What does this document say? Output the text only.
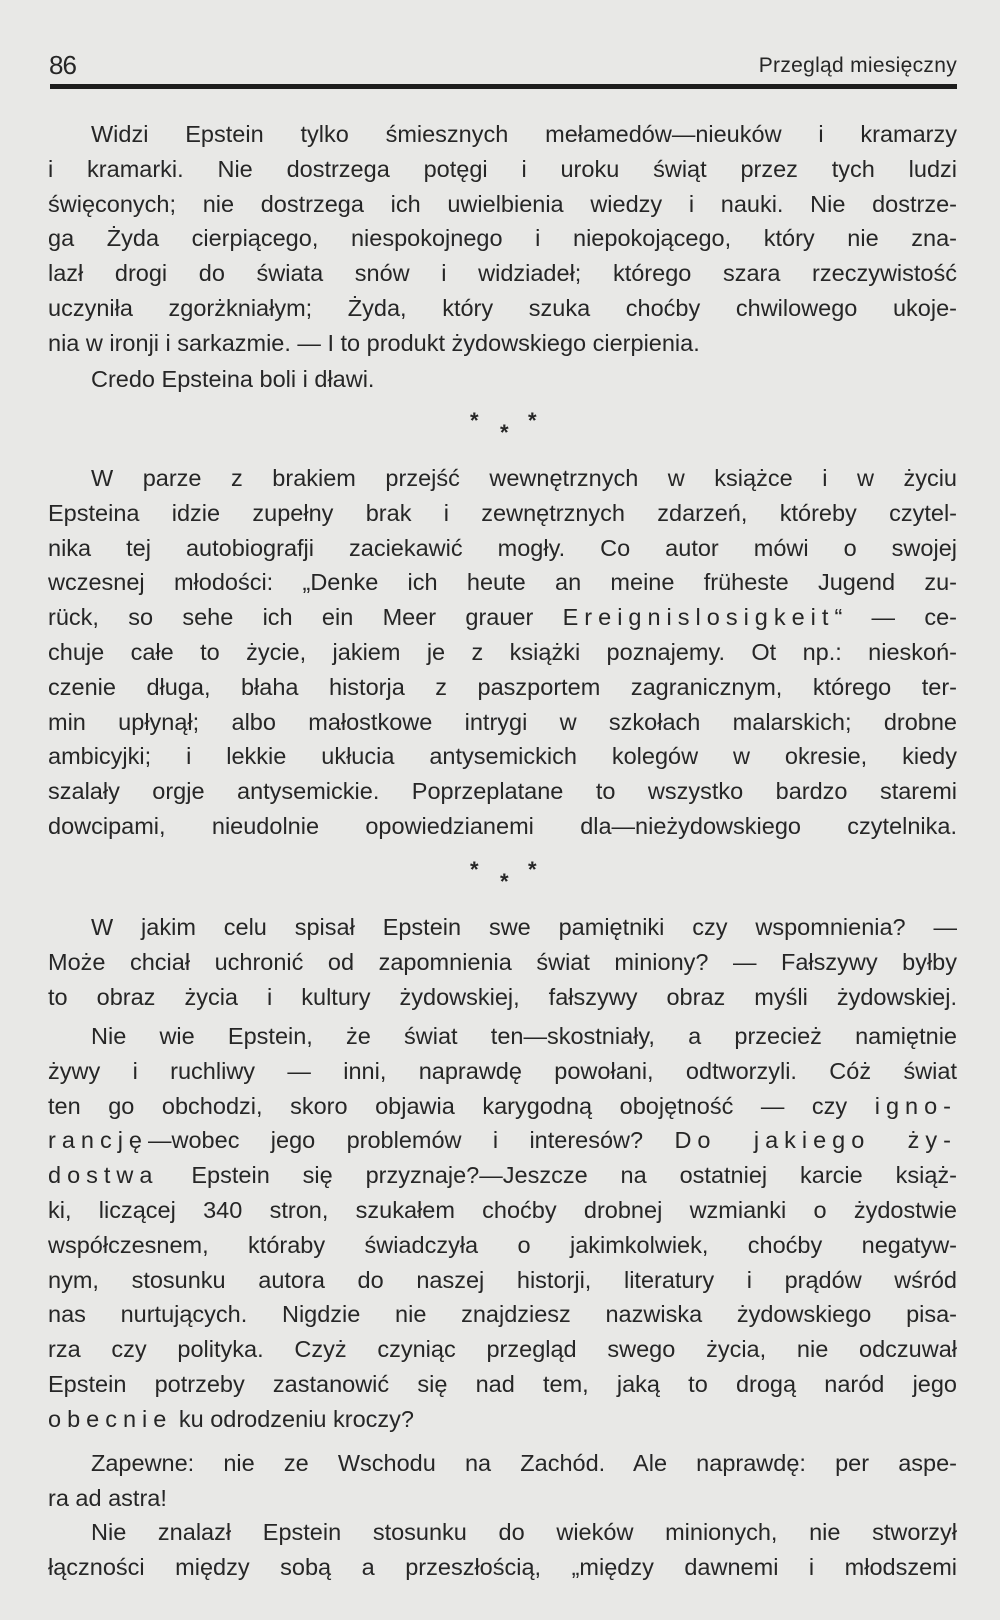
86	Przegląd miesięczny
* * *
* * *
Widzi Epstein tylko śmiesznych mełamedów—nieuków i kramarzy
i kramarki. Nie dostrzega potęgi i uroku świąt przez tych ludzi
święconych; nie dostrzega ich uwielbienia wiedzy i nauki. Nie dostrze-
ga Żyda cierpiącego, niespokojnego i niepokojącego, który nie zna-
lazł drogi do świata snów i widziadeł; którego szara rzeczywistość
uczyniła zgorżkniałym; Żyda, który szuka choćby chwilowego ukoje-
nia w ironji i sarkazmie. — I to produkt żydowskiego cierpienia.
Credo Epsteina boli i dławi.
W parze z brakiem przejść wewnętrznych w książce i w życiu
Epsteina idzie zupełny brak i zewnętrznych zdarzeń, któreby czytel-
nika tej autobiografji zaciekawić mogły. Co autor mówi o swojej
wczesnej młodości: „Denke ich heute an meine früheste Jugend zu-
rück, so sehe ich ein Meer grauer Ereignislosigkeit“ — ce-
chuje całe to życie, jakiem je z książki poznajemy. Ot np.: nieskoń-
czenie długa, błaha historja z paszportem zagranicznym, którego ter-
min upłynął; albo małostkowe intrygi w szkołach malarskich; drobne
ambicyjki; i lekkie ukłucia antysemickich kolegów w okresie, kiedy
szalały orgje antysemickie. Poprzeplatane to wszystko bardzo staremi
dowcipami, nieudolnie opowiedzianemi dla—nieżydowskiego czytelnika.
W jakim celu spisał Epstein swe pamiętniki czy wspomnienia? —
Może chciał uchronić od zapomnienia świat miniony? — Fałszywy byłby
to obraz życia i kultury żydowskiej, fałszywy obraz myśli żydowskiej.
Nie wie Epstein, że świat ten—skostniały, a przecież namiętnie
żywy i ruchliwy — inni, naprawdę powołani, odtworzyli. Cóż świat
ten go obchodzi, skoro objawia karygodną obojętność — czy igno-
rancję—wobec jego problemów i interesów? Do jakiego ży-
dostwa Epstein się przyznaje?—Jeszcze na ostatniej karcie książ-
ki, liczącej 340 stron, szukałem choćby drobnej wzmianki o żydostwie
współczesnem, któraby świadczyła o jakimkolwiek, choćby negatyw-
nym, stosunku autora do naszej historji, literatury i prądów wśród
nas nurtujących. Nigdzie nie znajdziesz nazwiska żydowskiego pisa-
rza czy polityka. Czyż czyniąc przegląd swego życia, nie odczuwał
Epstein potrzeby zastanowić się nad tem, jaką to drogą naród jego
obecnie ku odrodzeniu kroczy?
Zapewne: nie ze Wschodu na Zachód. Ale naprawdę: per aspe-
ra ad astra!
Nie znalazł Epstein stosunku do wieków minionych, nie stworzył
łączności między sobą a przeszłością, „między dawnemi i młodszemi
